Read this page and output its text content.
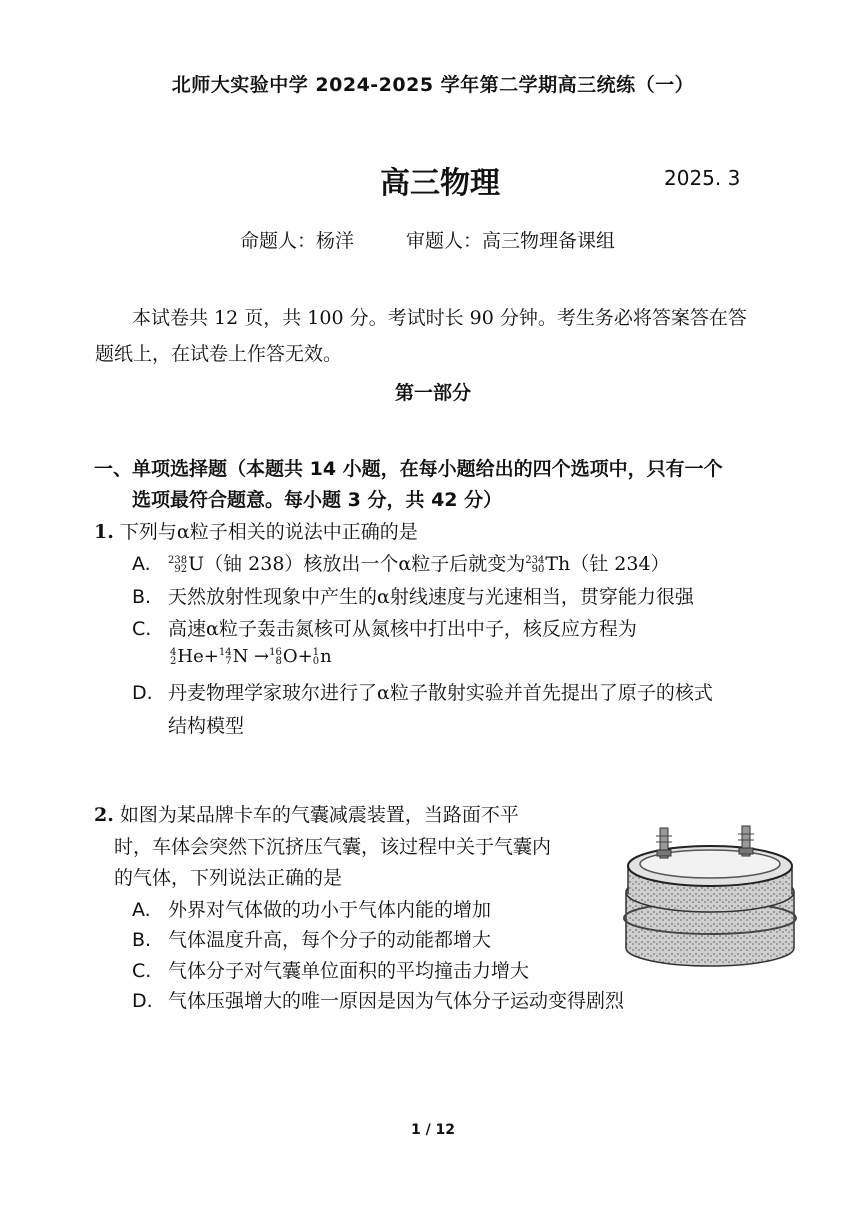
北师大实验中学 2024-2025 学年第二学期高三统练（一）
高三物理	2025. 3
命题人：杨洋	审题人：高三物理备课组
本试卷共 12 页，共 100 分。考试时长 90 分钟。考生务必将答案答在答
题纸上，在试卷上作答无效。
第一部分
一、单项选择题（本题共 14 小题，在每小题给出的四个选项中，只有一个
选项最符合题意。每小题 3 分，共 42 分）
1. 下列与α粒子相关的说法中正确的是
A. 238
92 U（铀 238）核放出一个α粒子后就变为 234
90 Th（钍 234）
B. 天然放射性现象中产生的α射线速度与光速相当，贯穿能力很强
C. 高速α粒子轰击氮核可从氮核中打出中子，核反应方程为
4
2 He+ 14
7 N → 16
8 O+ 1
0 n
D. 丹麦物理学家玻尔进行了α粒子散射实验并首先提出了原子的核式
结构模型
2. 如图为某品牌卡车的气囊减震装置，当路面不平
时，车体会突然下沉挤压气囊，该过程中关于气囊内
的气体，下列说法正确的是
A. 外界对气体做的功小于气体内能的增加
B. 气体温度升高，每个分子的动能都增大
C. 气体分子对气囊单位面积的平均撞击力增大
D. 气体压强增大的唯一原因是因为气体分子运动变得剧烈
1 / 12
